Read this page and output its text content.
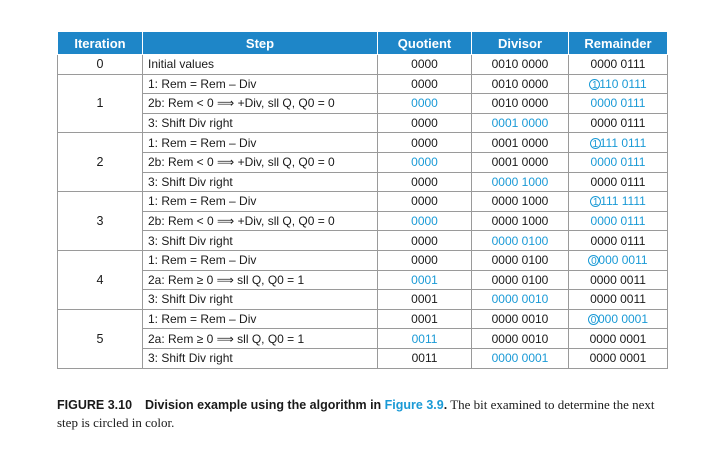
Iteration	Step	Quotient	Divisor	Remainder
0	Initial values	0000	0010 0000	0000 0111
1	1: Rem = Rem – Div	0000	0010 0000	1 110 0111
	2b: Rem < 0 ⟹ +Div, sll Q, Q0 = 0	0000	0010 0000	0000 0111
	3: Shift Div right	0000	0001 0000	0000 0111
2	1: Rem = Rem – Div	0000	0001 0000	1 111 0111
	2b: Rem < 0 ⟹ +Div, sll Q, Q0 = 0	0000	0001 0000	0000 0111
	3: Shift Div right	0000	0000 1000	0000 0111
3	1: Rem = Rem – Div	0000	0000 1000	1 111 1111
	2b: Rem < 0 ⟹ +Div, sll Q, Q0 = 0	0000	0000 1000	0000 0111
	3: Shift Div right	0000	0000 0100	0000 0111
4	1: Rem = Rem – Div	0000	0000 0100	0 000 0011
	2a: Rem ≥ 0 ⟹ sll Q, Q0 = 1	0001	0000 0100	0000 0011
	3: Shift Div right	0001	0000 0010	0000 0011
5	1: Rem = Rem – Div	0001	0000 0010	0 000 0001
	2a: Rem ≥ 0 ⟹ sll Q, Q0 = 1	0011	0000 0010	0000 0001
	3: Shift Div right	0011	0000 0001	0000 0001
FIGURE 3.10 Division example using the algorithm in Figure 3.9. The bit examined to determine the next step is circled in color.
